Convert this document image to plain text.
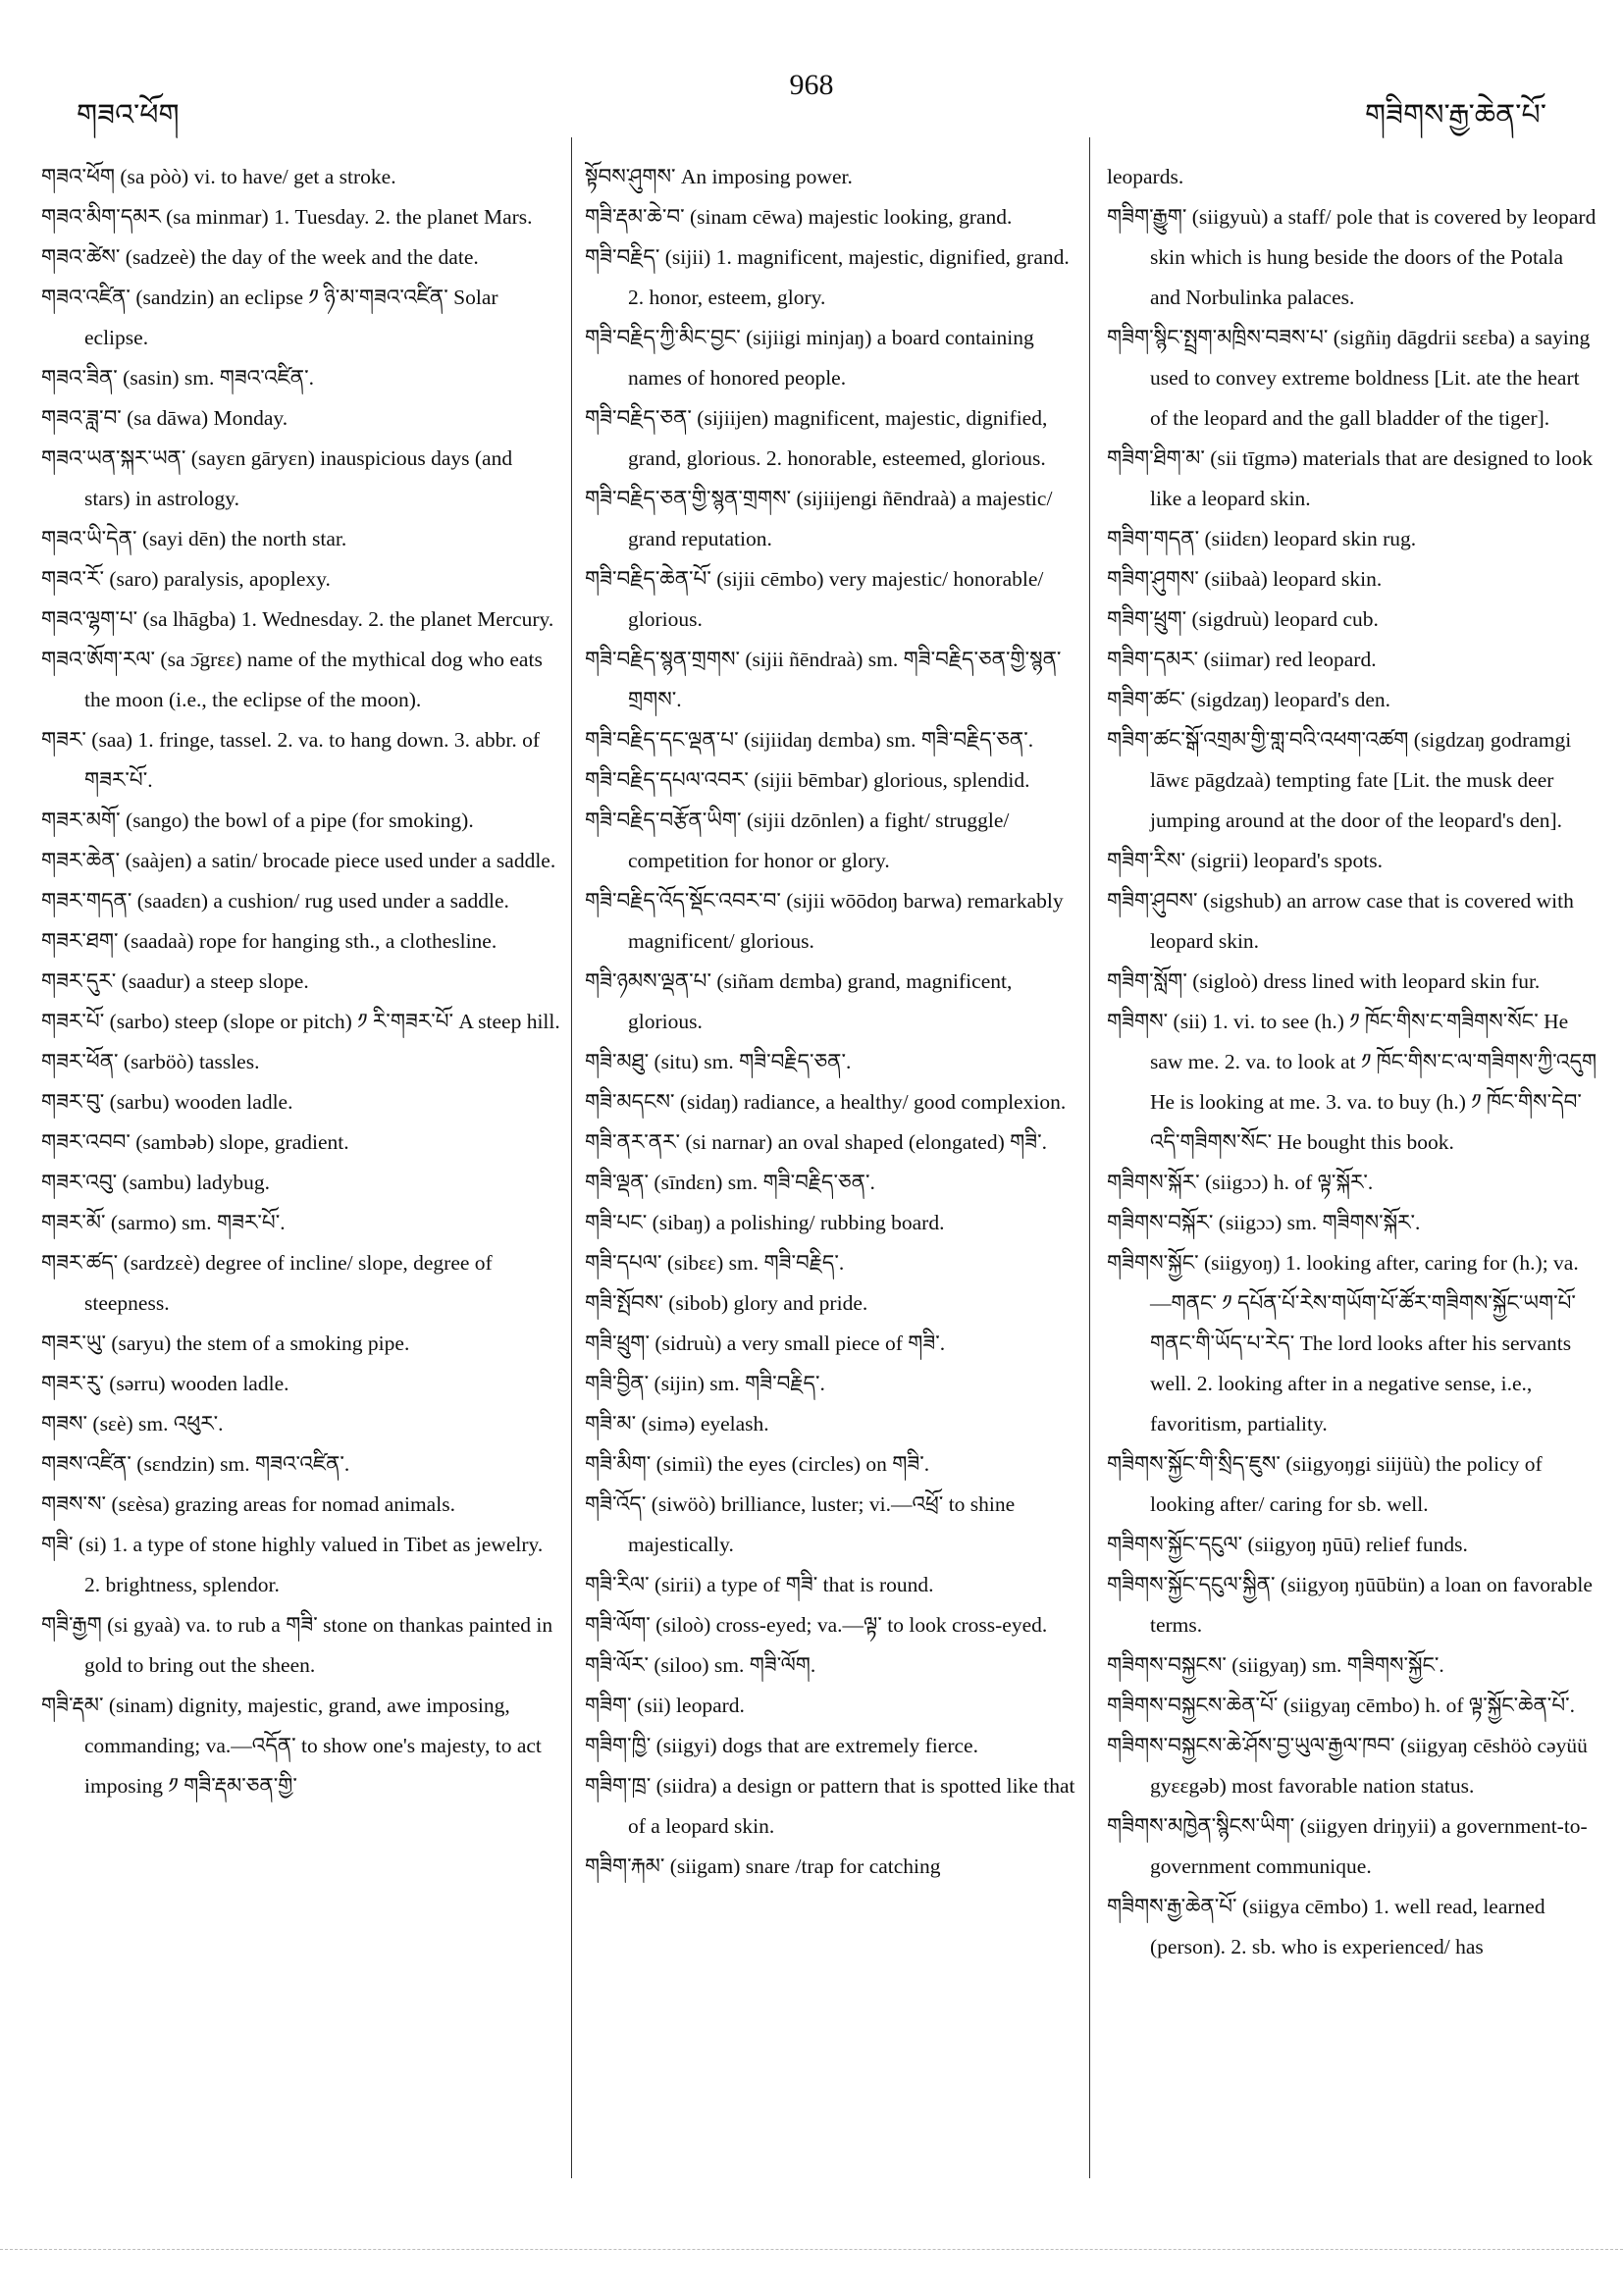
གཟའ་ཕོག
968
གཟིགས་རྒྱ་ཆེན་པོ་

གཟའ་ཕོག (sa pòò) vi. to have/ get a stroke.

གཟའ་མིག་དམར (sa minmar) 1. Tuesday. 2. the planet Mars.

གཟའ་ཚེས་ (sadzeè) the day of the week and the date.

གཟའ་འཛིན་ (sandzin) an eclipse ༡ ཉི་མ་གཟའ་འཛིན་ Solar eclipse.

གཟའ་ཟིན་ (sasin) sm. གཟའ་འཛིན་.

གཟའ་ཟླ་བ་ (sa dāwa) Monday.

གཟའ་ཡན་སྐར་ཡན་ (sayɛn gāryɛn) inauspicious days (and stars) in astrology.

གཟའ་ཡི་དེན་ (sayi dēn) the north star.

གཟའ་རོ་ (saro) paralysis, apoplexy.

གཟའ་ལྷག་པ་ (sa lhāgba) 1. Wednesday. 2. the planet Mercury.

གཟའ་ཨོག་རལ་ (sa ɔ̄grɛɛ) name of the mythical dog who eats the moon (i.e., the eclipse of the moon).

གཟར་ (saa) 1. fringe, tassel. 2. va. to hang down. 3. abbr. of གཟར་པོ་.

གཟར་མགོ་ (sango) the bowl of a pipe (for smoking).

གཟར་ཆེན་ (saàjen) a satin/ brocade piece used under a saddle.

གཟར་གདན་ (saadɛn) a cushion/ rug used under a saddle.

གཟར་ཐག་ (saadaà) rope for hanging sth., a clothesline.

གཟར་དུར་ (saadur) a steep slope.

གཟར་པོ་ (sarbo) steep (slope or pitch) ༡ རི་གཟར་པོ་ A steep hill.

གཟར་ཕོན་ (sarböò) tassles.

གཟར་བུ་ (sarbu) wooden ladle.

གཟར་འབབ་ (sambəb) slope, gradient.

གཟར་འབུ་ (sambu) ladybug.

གཟར་མོ་ (sarmo) sm. གཟར་པོ་.

གཟར་ཚད་ (sardzɛè) degree of incline/ slope, degree of steepness.

གཟར་ཡུ་ (saryu) the stem of a smoking pipe.

གཟར་རུ་ (sərru) wooden ladle.

གཟས་ (sɛè) sm. འཕུར་.

གཟས་འཛིན་ (sɛndzin) sm. གཟའ་འཛིན་.

གཟས་ས་ (sɛèsa) grazing areas for nomad animals.

གཟི་ (si) 1. a type of stone highly valued in Tibet as jewelry. 2. brightness, splendor.

གཟི་རྒྱག (si gyaà) va. to rub a གཟི་ stone on thankas painted in gold to bring out the sheen.

གཟི་རྡམ་ (sinam) dignity, majestic, grand, awe imposing, commanding; va.—འདོན་ to show one's majesty, to act imposing ༡ གཟི་རྡམ་ཅན་གྱི་

སྟོབས་ཤུགས་ An imposing power.

གཟི་རྡམ་ཆེ་བ་ (sinam cēwa) majestic looking, grand.

གཟི་བརྗིད་ (sijii) 1. magnificent, majestic, dignified, grand. 2. honor, esteem, glory.

གཟི་བརྗིད་ཀྱི་མིང་བྱང་ (sijiigi minjaŋ) a board containing names of honored people.

གཟི་བརྗིད་ཅན་ (sijiijen) magnificent, majestic, dignified, grand, glorious. 2. honorable, esteemed, glorious.

གཟི་བརྗིད་ཅན་གྱི་སྙན་གྲགས་ (sijiijengi ñēndraà) a majestic/ grand reputation.

གཟི་བརྗིད་ཆེན་པོ་ (sijii cēmbo) very majestic/ honorable/ glorious.

གཟི་བརྗིད་སྙན་གྲགས་ (sijii ñēndraà) sm. གཟི་བརྗིད་ཅན་གྱི་སྙན་གྲགས་.

གཟི་བརྗིད་དང་ལྡན་པ་ (sijiidaŋ dɛmba) sm. གཟི་བརྗིད་ཅན་.

གཟི་བརྗིད་དཔལ་འབར་ (sijii bēmbar) glorious, splendid.

གཟི་བརྗིད་བརྩོན་ཡིག་ (sijii dzōnlen) a fight/ struggle/ competition for honor or glory.

གཟི་བརྗིད་འོད་སྡོང་འབར་བ་ (sijii wōōdoŋ barwa) remarkably magnificent/ glorious.

གཟི་ཉམས་ལྡན་པ་ (siñam dɛmba) grand, magnificent, glorious.

གཟི་མཐུ་ (situ) sm. གཟི་བརྗིད་ཅན་.

གཟི་མདངས་ (sidaŋ) radiance, a healthy/ good complexion.

གཟི་ནར་ནར་ (si narnar) an oval shaped (elongated) གཟི་.

གཟི་ལྡན་ (sīndɛn) sm. གཟི་བརྗིད་ཅན་.

གཟི་པང་ (sibaŋ) a polishing/ rubbing board.

གཟི་དཔལ་ (sibɛɛ) sm. གཟི་བརྗིད་.

གཟི་སྤོབས་ (sibob) glory and pride.

གཟི་ཕྲུག་ (sidruù) a very small piece of གཟི་.

གཟི་བྱིན་ (sijin) sm. གཟི་བརྗིད་.

གཟི་མ་ (simə) eyelash.

གཟི་མིག་ (simiì) the eyes (circles) on གཟི་.

གཟི་འོད་ (siwöò) brilliance, luster; vi.—འཕྲོ་ to shine majestically.

གཟི་རིལ་ (sirii) a type of གཟི་ that is round.

གཟི་ལོག་ (siloò) cross-eyed; va.—ལྟ་ to look cross-eyed.

གཟི་ལོར་ (siloo) sm. གཟི་ལོག.

གཟིག་ (sii) leopard.

གཟིག་ཁྱི་ (siigyi) dogs that are extremely fierce.

གཟིག་ཁྲ་ (siidra) a design or pattern that is spotted like that of a leopard skin.

གཟིག་རྐམ་ (siigam) snare /trap for catching

leopards.

གཟིག་རྒྱུག་ (siigyuù) a staff/ pole that is covered by leopard skin which is hung beside the doors of the Potala and Norbulinka palaces.

གཟིག་སྙིང་སྤྲག་མཁྲིས་བཟས་པ་ (sigñiŋ dāgdrii sɛɛba) a saying used to convey extreme boldness [Lit. ate the heart of the leopard and the gall bladder of the tiger].

གཟིག་ཐིག་མ་ (sii tīgmə) materials that are designed to look like a leopard skin.

གཟིག་གདན་ (siidɛn) leopard skin rug.

གཟིག་ཤུགས་ (siibaà) leopard skin.

གཟིག་ཕྲུག་ (sigdruù) leopard cub.

གཟིག་དམར་ (siimar) red leopard.

གཟིག་ཚང་ (sigdzaŋ) leopard's den.

གཟིག་ཚང་སྒོ་འགྲམ་གྱི་གླ་བའི་འཕག་འཚག (sigdzaŋ godramgi lāwɛ pāgdzaà) tempting fate [Lit. the musk deer jumping around at the door of the leopard's den].

གཟིག་རིས་ (sigrii) leopard's spots.

གཟིག་ཤུབས་ (sigshub) an arrow case that is covered with leopard skin.

གཟིག་སློག་ (sigloò) dress lined with leopard skin fur.

གཟིགས་ (sii) 1. vi. to see (h.) ༡ ཁོང་གིས་ང་གཟིགས་སོང་ He saw me. 2. va. to look at ༡ ཁོང་གིས་ང་ལ་གཟིགས་ཀྱི་འདུག He is looking at me. 3. va. to buy (h.) ༡ ཁོང་གིས་དེབ་འདི་གཟིགས་སོང་ He bought this book.

གཟིགས་སྐོར་ (siigɔɔ) h. of ལྟ་སྐོར་.

གཟིགས་བསྐོར་ (siigɔɔ) sm. གཟིགས་སྐོར་.

གཟིགས་སྐྱོང་ (siigyoŋ) 1. looking after, caring for (h.); va.—གནང་ ༡ དཔོན་པོ་རེས་གཡོག་པོ་ཚོར་གཟིགས་སྐྱོང་ཡག་པོ་གནང་གི་ཡོད་པ་རེད་ The lord looks after his servants well. 2. looking after in a negative sense, i.e., favoritism, partiality.

གཟིགས་སྐྱོང་གི་སྲིད་ཇུས་ (siigyoŋgi siijüù) the policy of looking after/ caring for sb. well.

གཟིགས་སྐྱོང་དངུལ་ (siigyoŋ ŋūū) relief funds.

གཟིགས་སྐྱོང་དངུལ་སྐྱིན་ (siigyoŋ ŋūūbün) a loan on favorable terms.

གཟིགས་བསྐྱངས་ (siigyaŋ) sm. གཟིགས་སྐྱོང་.

གཟིགས་བསྐྱངས་ཆེན་པོ་ (siigyaŋ cēmbo) h. of ལྟ་སྐྱོང་ཆེན་པོ་.

གཟིགས་བསྐྱངས་ཆེ་ཤོས་བྱ་ཡུལ་རྒྱལ་ཁབ་ (siigyaŋ cēshöò cəyüü gyɛɛgəb) most favorable nation status.

གཟིགས་མཁྱེན་སྙིངས་ཡིག་ (siigyen driŋyii) a government-to-government communique.

གཟིགས་རྒྱ་ཆེན་པོ་ (siigya cēmbo) 1. well read, learned (person). 2. sb. who is experienced/ has
